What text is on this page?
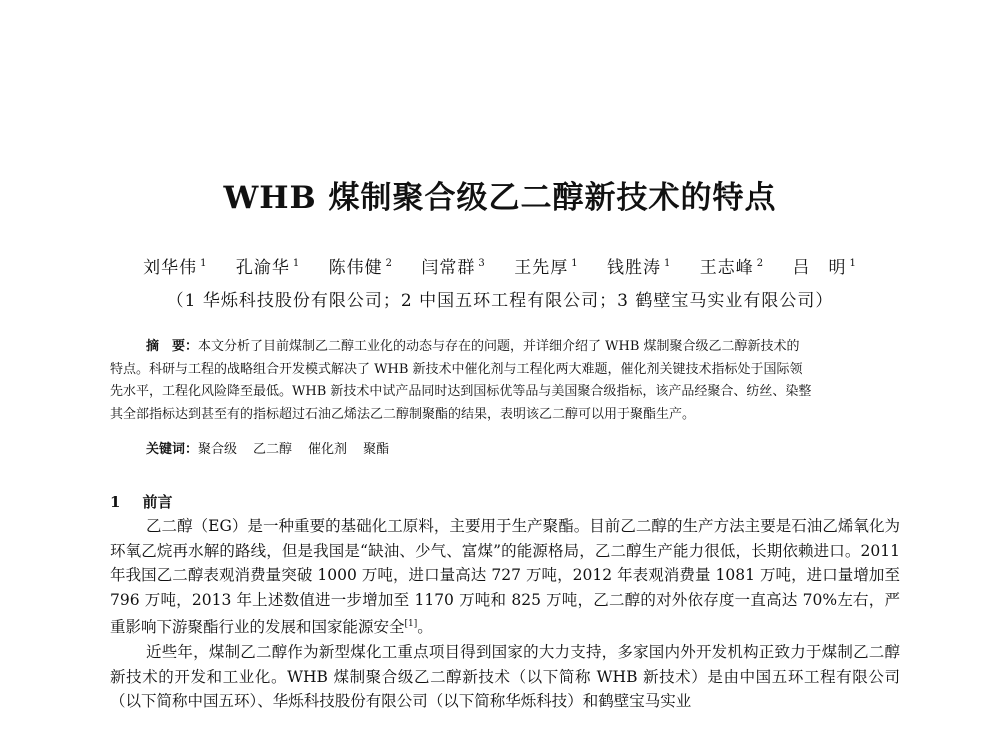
WHB 煤制聚合级乙二醇新技术的特点
刘华伟 $^1$ 孔渝华 $^1$ 陈伟健 $^2$ 闫常群 $^3$ 王先厚 $^1$ 钱胜涛 $^1$ 王志峰 $^2$ 吕　明 $^1$
（1 华烁科技股份有限公司；2 中国五环工程有限公司；3 鹤壁宝马实业有限公司）

摘　要：本文分析了目前煤制乙二醇工业化的动态与存在的问题，并详细介绍了 WHB 煤制聚合级乙二醇新技术的

特点。科研与工程的战略组合开发模式解决了 WHB 新技术中催化剂与工程化两大难题，催化剂关键技术指标处于国际领

先水平，工程化风险降至最低。WHB 新技术中试产品同时达到国标优等品与美国聚合级指标，该产品经聚合、纺丝、染整

其全部指标达到甚至有的指标超过石油乙烯法乙二醇制聚酯的结果，表明该乙二醇可以用于聚酯生产。

关键词：聚合级 乙二醇 催化剂 聚酯
1 前言

乙二醇（EG）是一种重要的基础化工原料，主要用于生产聚酯。目前乙二醇的生产方法主要是石油乙烯氧化为环氧乙烷再水解的路线，但是我国是“缺油、少气、富煤”的能源格局，乙二醇生产能力很低，长期依赖进口。2011 年我国乙二醇表观消费量突破 1000 万吨，进口量高达 727 万吨，2012 年表观消费量 1081 万吨，进口量增加至 796 万吨，2013 年上述数值进一步增加至 1170 万吨和 825 万吨，乙二醇的对外依存度一直高达 70%左右，严重影响下游聚酯行业的发展和国家能源安全[1]。

近些年，煤制乙二醇作为新型煤化工重点项目得到国家的大力支持，多家国内外开发机构正致力于煤制乙二醇新技术的开发和工业化。WHB 煤制聚合级乙二醇新技术（以下简称 WHB 新技术）是由中国五环工程有限公司（以下简称中国五环）、华烁科技股份有限公司（以下简称华烁科技）和鹤壁宝马实业
